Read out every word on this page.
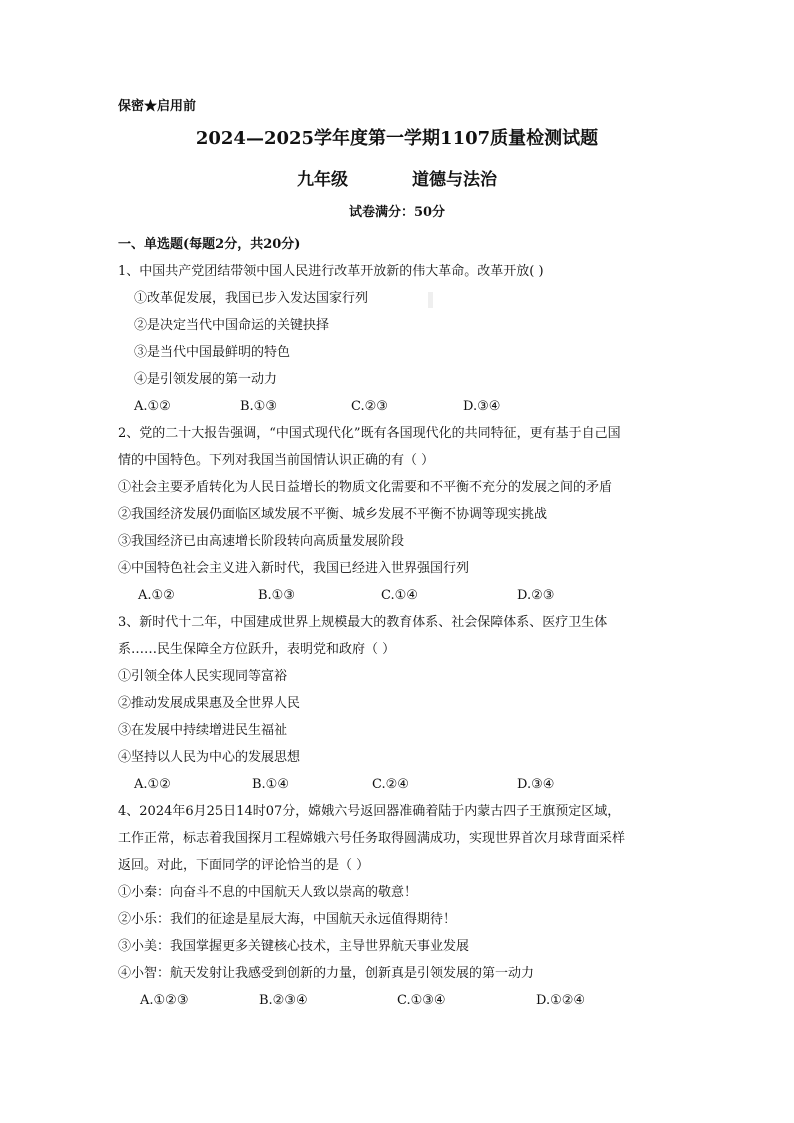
保密★启用前
2024—2025学年度第一学期1107质量检测试题
九年级	道德与法治
试卷满分：50分
一、单选题(每题2分，共20分)
1、中国共产党团结带领中国人民进行改革开放新的伟大革命。改革开放( )
①改革促发展，我国已步入发达国家行列
②是决定当代中国命运的关键抉择
③是当代中国最鲜明的特色
④是引领发展的第一动力
A.①②	B.①③	C.②③	D.③④
2、党的二十大报告强调，“中国式现代化”既有各国现代化的共同特征，更有基于自己国
情的中国特色。下列对我国当前国情认识正确的有（ ）
①社会主要矛盾转化为人民日益增长的物质文化需要和不平衡不充分的发展之间的矛盾
②我国经济发展仍面临区域发展不平衡、城乡发展不平衡不协调等现实挑战
③我国经济已由高速增长阶段转向高质量发展阶段
④中国特色社会主义进入新时代，我国已经进入世界强国行列
A.①②	B.①③	C.①④	D.②③
3、新时代十二年，中国建成世界上规模最大的教育体系、社会保障体系、医疗卫生体
系……民生保障全方位跃升，表明党和政府（ ）
①引领全体人民实现同等富裕
②推动发展成果惠及全世界人民
③在发展中持续增进民生福祉
④坚持以人民为中心的发展思想
A.①②	B.①④	C.②④	D.③④
4、2024年6月25日14时07分，嫦娥六号返回器准确着陆于内蒙古四子王旗预定区域，
工作正常，标志着我国探月工程嫦娥六号任务取得圆满成功，实现世界首次月球背面采样
返回。对此，下面同学的评论恰当的是（ ）
①小秦：向奋斗不息的中国航天人致以崇高的敬意！
②小乐：我们的征途是星辰大海，中国航天永远值得期待！
③小美：我国掌握更多关键核心技术，主导世界航天事业发展
④小智：航天发射让我感受到创新的力量，创新真是引领发展的第一动力
A.①②③	B.②③④	C.①③④	D.①②④
